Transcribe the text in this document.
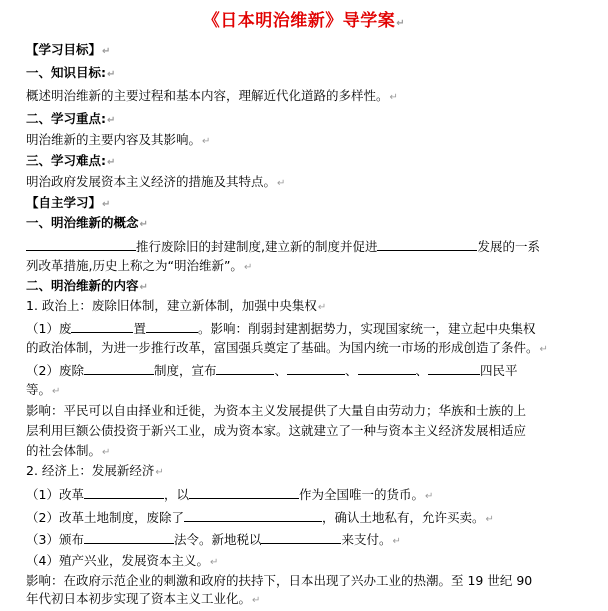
《日本明治维新》导学案↵
【学习目标】↵
一、知识目标:↵
概述明治维新的主要过程和基本内容，理解近代化道路的多样性。↵
二、学习重点:↵
明治维新的主要内容及其影响。↵
三、学习难点:↵
明治政府发展资本主义经济的措施及其特点。↵
【自主学习】↵
一、明治维新的概念↵
推行废除旧的封建制度,建立新的制度并促进	发展的一系
列改革措施,历史上称之为“明治维新”。↵
二、明治维新的内容↵
1. 政治上：废除旧体制，建立新体制，加强中央集权↵
（1）废	置	。影响：削弱封建割据势力，实现国家统一，建立起中央集权
的政治体制，为进一步推行改革，富国强兵奠定了基础。为国内统一市场的形成创造了条件。↵
（2）废除	制度，宣布	、	、	、	四民平
等。↵
影响：平民可以自由择业和迁徙，为资本主义发展提供了大量自由劳动力；华族和士族的上
层利用巨额公债投资于新兴工业，成为资本家。这就建立了一种与资本主义经济发展相适应
的社会体制。↵
2. 经济上：发展新经济↵
（1）改革	，以	作为全国唯一的货币。↵
（2）改革土地制度，废除了	，确认土地私有，允许买卖。↵
（3）颁布	法令。新地税以	来支付。↵
（4）殖产兴业，发展资本主义。↵
影响：在政府示范企业的刺激和政府的扶持下，日本出现了兴办工业的热潮。至 19 世纪 90
年代初日本初步实现了资本主义工业化。↵
